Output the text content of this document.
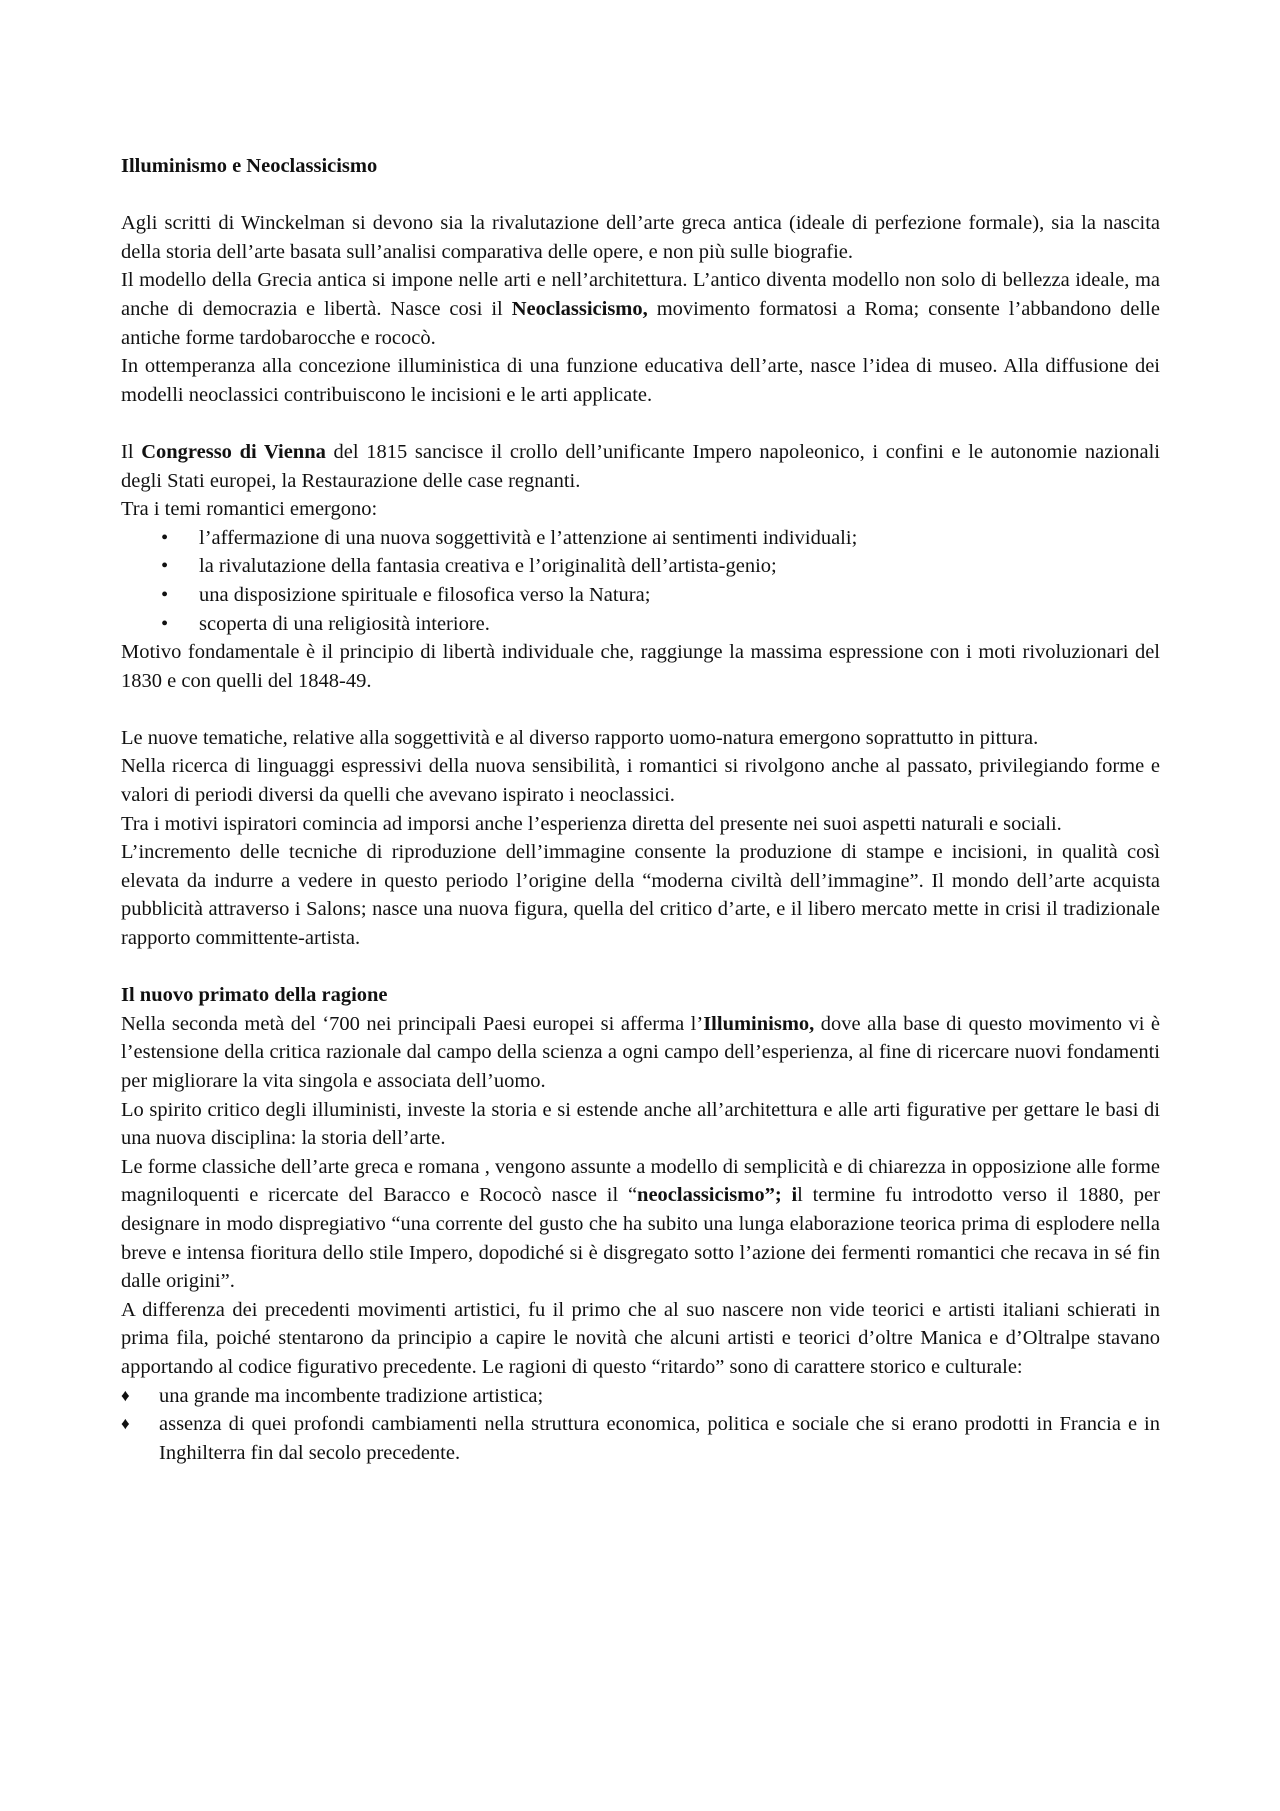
Illuminismo e Neoclassicismo

Agli scritti di Winckelman si devono sia la rivalutazione dell’arte greca antica (ideale di perfezione formale), sia la nascita della storia dell’arte basata sull’analisi comparativa delle opere, e non più sulle biografie.

Il modello della Grecia antica si impone nelle arti e nell’architettura. L’antico diventa modello non solo di bellezza ideale, ma anche di democrazia e libertà. Nasce cosi il Neoclassicismo, movimento formatosi a Roma; consente l’abbandono delle antiche forme tardobarocche e rococò.

In ottemperanza alla concezione illuministica di una funzione educativa dell’arte, nasce l’idea di museo. Alla diffusione dei modelli neoclassici contribuiscono le incisioni e le arti applicate.

Il Congresso di Vienna del 1815 sancisce il crollo dell’unificante Impero napoleonico, i confini e le autonomie nazionali degli Stati europei, la Restaurazione delle case regnanti.

Tra i temi romantici emergono:

• l’affermazione di una nuova soggettività e l’attenzione ai sentimenti individuali;
• la rivalutazione della fantasia creativa e l’originalità dell’artista-genio;
• una disposizione spirituale e filosofica verso la Natura;
• scoperta di una religiosità interiore.

Motivo fondamentale è il principio di libertà individuale che, raggiunge la massima espressione con i moti rivoluzionari del 1830 e con quelli del 1848-49.

Le nuove tematiche, relative alla soggettività e al diverso rapporto uomo-natura emergono soprattutto in pittura.

Nella ricerca di linguaggi espressivi della nuova sensibilità, i romantici si rivolgono anche al passato, privilegiando forme e valori di periodi diversi da quelli che avevano ispirato i neoclassici.

Tra i motivi ispiratori comincia ad imporsi anche l’esperienza diretta del presente nei suoi aspetti naturali e sociali.

L’incremento delle tecniche di riproduzione dell’immagine consente la produzione di stampe e incisioni, in qualità così elevata da indurre a vedere in questo periodo l’origine della “moderna civiltà dell’immagine”. Il mondo dell’arte acquista pubblicità attraverso i Salons; nasce una nuova figura, quella del critico d’arte, e il libero mercato mette in crisi il tradizionale rapporto committente-artista.

Il nuovo primato della ragione

Nella seconda metà del ‘700 nei principali Paesi europei si afferma l’Illuminismo, dove alla base di questo movimento vi è l’estensione della critica razionale dal campo della scienza a ogni campo dell’esperienza, al fine di ricercare nuovi fondamenti per migliorare la vita singola e associata dell’uomo.

Lo spirito critico degli illuministi, investe la storia e si estende anche all’architettura e alle arti figurative per gettare le basi di una nuova disciplina: la storia dell’arte.

Le forme classiche dell’arte greca e romana , vengono assunte a modello di semplicità e di chiarezza in opposizione alle forme magniloquenti e ricercate del Baracco e Rococò nasce il “neoclassicismo”; il termine fu introdotto verso il 1880, per designare in modo dispregiativo “una corrente del gusto che ha subito una lunga elaborazione teorica prima di esplodere nella breve e intensa fioritura dello stile Impero, dopodiché si è disgregato sotto l’azione dei fermenti romantici che recava in sé fin dalle origini”.

A differenza dei precedenti movimenti artistici, fu il primo che al suo nascere non vide teorici e artisti italiani schierati in prima fila, poiché stentarono da principio a capire le novità che alcuni artisti e teorici d’oltre Manica e d’Oltralpe stavano apportando al codice figurativo precedente. Le ragioni di questo “ritardo” sono di carattere storico e culturale:

♦ una grande ma incombente tradizione artistica;
♦ assenza di quei profondi cambiamenti nella struttura economica, politica e sociale che si erano prodotti in Francia e in Inghilterra fin dal secolo precedente.
